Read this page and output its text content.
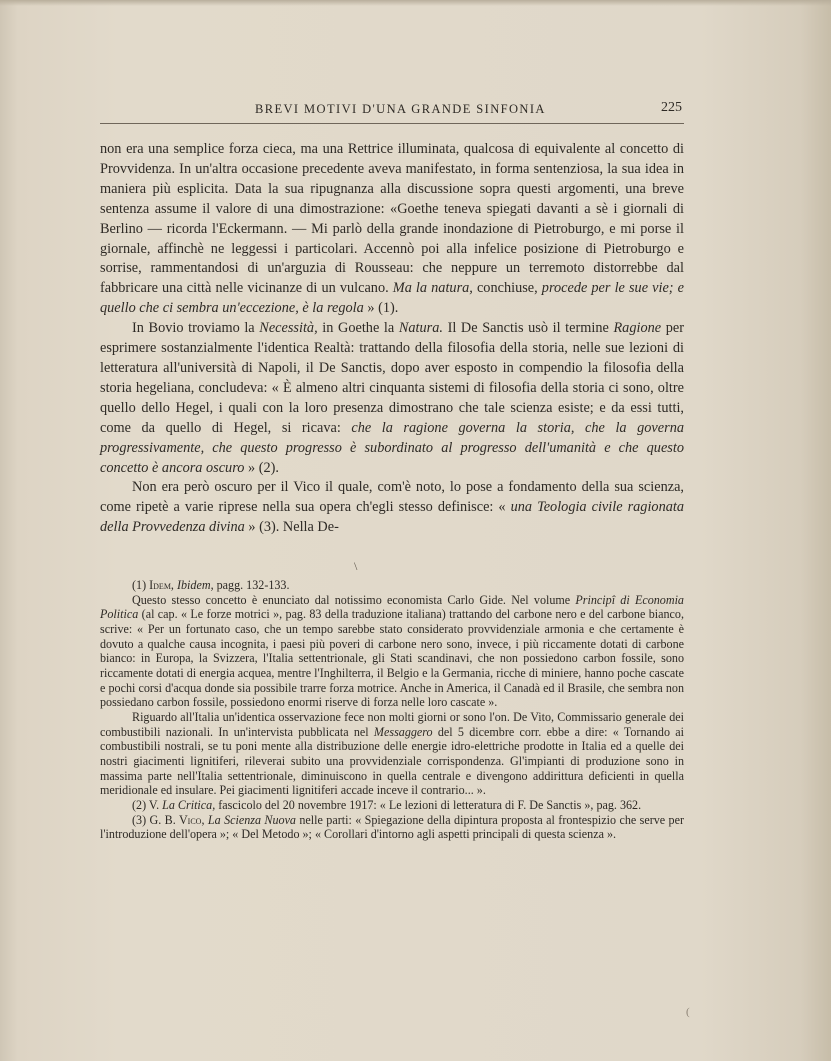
BREVI MOTIVI D'UNA GRANDE SINFONIA	225

non era una semplice forza cieca, ma una Rettrice illuminata, qualcosa di equivalente al concetto di Provvidenza. In un'altra occasione precedente aveva manifestato, in forma sentenziosa, la sua idea in maniera più esplicita. Data la sua ripugnanza alla discussione sopra questi argomenti, una breve sentenza assume il valore di una dimostrazione: «Goethe teneva spiegati davanti a sè i giornali di Berlino — ricorda l'Eckermann. — Mi parlò della grande inondazione di Pietroburgo, e mi porse il giornale, affinchè ne leggessi i particolari. Accennò poi alla infelice posizione di Pietroburgo e sorrise, rammentandosi di un'arguzia di Rousseau: che neppure un terremoto distorrebbe dal fabbricare una città nelle vicinanze di un vulcano. Ma la natura, conchiuse, procede per le sue vie; e quello che ci sembra un'eccezione, è la regola » (1).

In Bovio troviamo la Necessità, in Goethe la Natura. Il De Sanctis usò il termine Ragione per esprimere sostanzialmente l'identica Realtà: trattando della filosofia della storia, nelle sue lezioni di letteratura all'università di Napoli, il De Sanctis, dopo aver esposto in compendio la filosofia della storia hegeliana, concludeva: « È almeno altri cinquanta sistemi di filosofia della storia ci sono, oltre quello dello Hegel, i quali con la loro presenza dimostrano che tale scienza esiste; e da essi tutti, come da quello di Hegel, si ricava: che la ragione governa la storia, che la governa progressivamente, che questo progresso è subordinato al progresso dell'umanità e che questo concetto è ancora oscuro » (2).

Non era però oscuro per il Vico il quale, com'è noto, lo pose a fondamento della sua scienza, come ripetè a varie riprese nella sua opera ch'egli stesso definisce: « una Teologia civile ragionata della Provvedenza divina » (3). Nella De-

\

(1) Idem, Ibidem, pagg. 132-133.

Questo stesso concetto è enunciato dal notissimo economista Carlo Gide. Nel volume Principî di Economia Politica (al cap. « Le forze motrici », pag. 83 della traduzione italiana) trattando del carbone nero e del carbone bianco, scrive: « Per un fortunato caso, che un tempo sarebbe stato considerato provvidenziale armonia e che certamente è dovuto a qualche causa incognita, i paesi più poveri di carbone nero sono, invece, i più riccamente dotati di carbone bianco: in Europa, la Svizzera, l'Italia settentrionale, gli Stati scandinavi, che non possiedono carbon fossile, sono riccamente dotati di energia acquea, mentre l'Inghilterra, il Belgio e la Germania, ricche di miniere, hanno poche cascate e pochi corsi d'acqua donde sia possibile trarre forza motrice. Anche in America, il Canadà ed il Brasile, che sembra non possiedano carbon fossile, possiedono enormi riserve di forza nelle loro cascate ».

Riguardo all'Italia un'identica osservazione fece non molti giorni or sono l'on. De Vito, Commissario generale dei combustibili nazionali. In un'intervista pubblicata nel Messaggero del 5 dicembre corr. ebbe a dire: « Tornando ai combustibili nostrali, se tu poni mente alla distribuzione delle energie idro-elettriche prodotte in Italia ed a quelle dei nostri giacimenti lignitiferi, rileverai subito una provvidenziale corrispondenza. Gl'impianti di produzione sono in massima parte nell'Italia settentrionale, diminuiscono in quella centrale e divengono addirittura deficienti in quella meridionale ed insulare. Pei giacimenti lignitiferi accade inceve il contrario... ».

(2) V. La Critica, fascicolo del 20 novembre 1917: « Le lezioni di letteratura di F. De Sanctis », pag. 362.

(3) G. B. Vico, La Scienza Nuova nelle parti: « Spiegazione della dipintura proposta al frontespizio che serve per l'introduzione dell'opera »; « Del Metodo »; « Corollari d'intorno agli aspetti principali di questa scienza ».

(
